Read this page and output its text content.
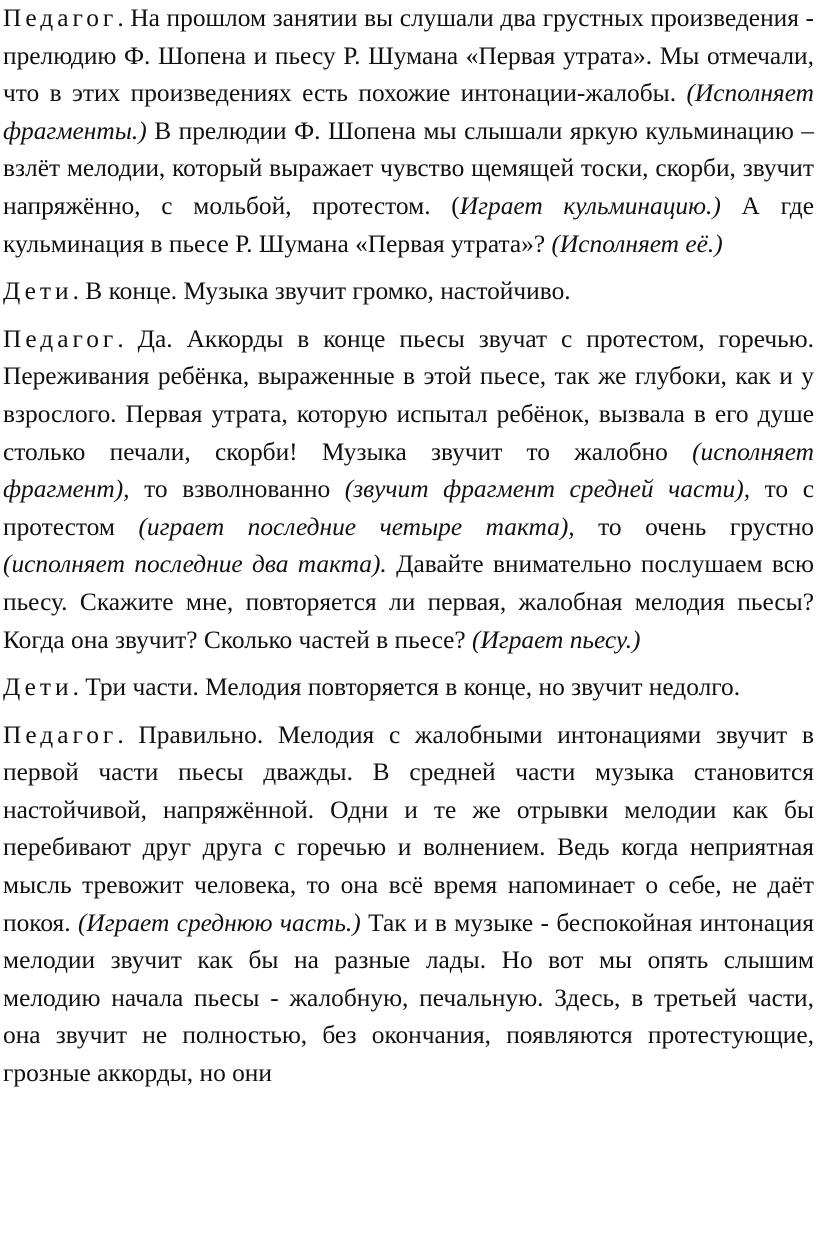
Педагог. На прошлом занятии вы слушали два грустных произведения - прелюдию Ф. Шопена и пьесу Р. Шумана «Первая утрата». Мы отмечали, что в этих произведениях есть похожие интонации-жалобы. (Исполняет фрагменты.) В прелюдии Ф. Шопена мы слышали яркую кульминацию – взлёт мелодии, который выражает чувство щемящей тоски, скорби, звучит напряжённо, с мольбой, протестом. (Играет кульминацию.) А где кульминация в пьесе Р. Шумана «Первая утрата»? (Исполняет её.)

Дети. В конце. Музыка звучит громко, настойчиво.

Педагог. Да. Аккорды в конце пьесы звучат с протестом, горечью. Переживания ребёнка, выраженные в этой пьесе, так же глубоки, как и у взрослого. Первая утрата, которую испытал ребёнок, вызвала в его душе столько печали, скорби! Музыка звучит то жалобно (исполняет фрагмент), то взволнованно (звучит фрагмент средней части), то с протестом (играет последние четыре такта), то очень грустно (исполняет последние два такта). Давайте внимательно послушаем всю пьесу. Скажите мне, повторяется ли первая, жалобная мелодия пьесы? Когда она звучит? Сколько частей в пьесе? (Играет пьесу.)

Дети. Три части. Мелодия повторяется в конце, но звучит недолго.

Педагог. Правильно. Мелодия с жалобными интонациями звучит в первой части пьесы дважды. В средней части музыка становится настойчивой, напряжённой. Одни и те же отрывки мелодии как бы перебивают друг друга с горечью и волнением. Ведь когда неприятная мысль тревожит человека, то она всё время напоминает о себе, не даёт покоя. (Играет среднюю часть.) Так и в музыке - беспокойная интонация мелодии звучит как бы на разные лады. Но вот мы опять слышим мелодию начала пьесы - жалобную, печальную. Здесь, в третьей части, она звучит не полностью, без окончания, появляются протестующие, грозные аккорды, но они
